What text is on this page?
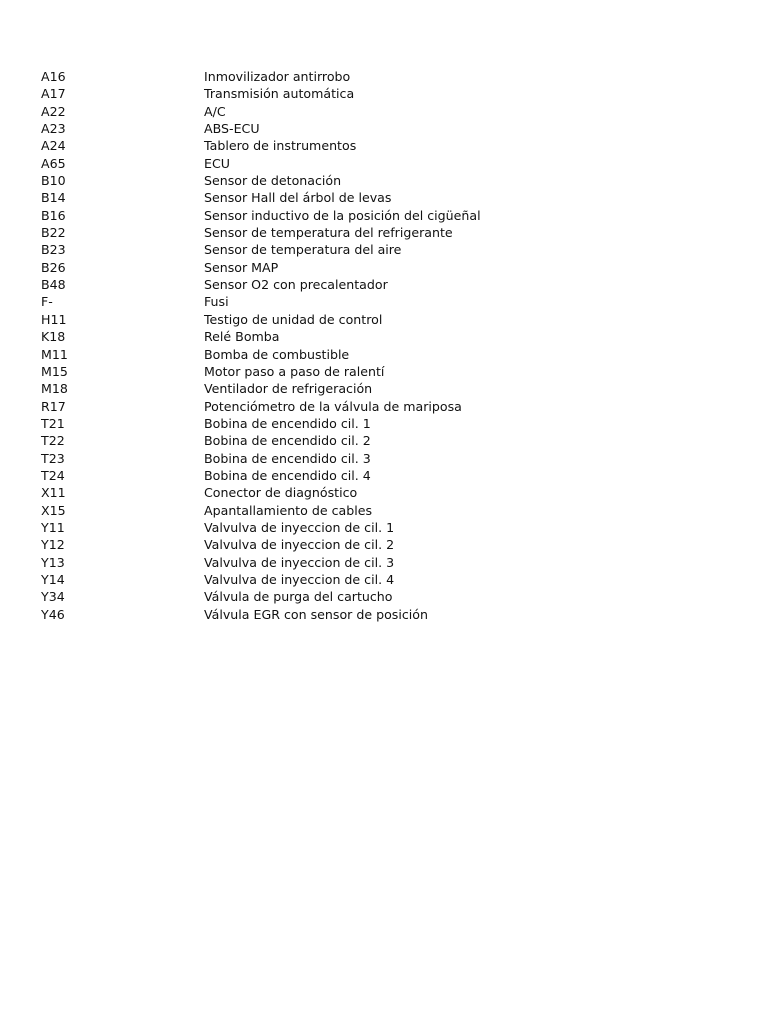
A16	Inmovilizador antirrobo
A17	Transmisión automática
A22	A/C
A23	ABS-ECU
A24	Tablero de instrumentos
A65	ECU
B10	Sensor de detonación
B14	Sensor Hall del árbol de levas
B16	Sensor inductivo de la posición del cigüeñal
B22	Sensor de temperatura del refrigerante
B23	Sensor de temperatura del aire
B26	Sensor MAP
B48	Sensor O2 con precalentador
F-	Fusi
H11	Testigo de unidad de control
K18	Relé Bomba
M11	Bomba de combustible
M15	Motor paso a paso de ralentí
M18	Ventilador de refrigeración
R17	Potenciómetro de la válvula de mariposa
T21	Bobina de encendido cil. 1
T22	Bobina de encendido cil. 2
T23	Bobina de encendido cil. 3
T24	Bobina de encendido cil. 4
X11	Conector de diagnóstico
X15	Apantallamiento de cables
Y11	Valvulva de inyeccion de cil. 1
Y12	Valvulva de inyeccion de cil. 2
Y13	Valvulva de inyeccion de cil. 3
Y14	Valvulva de inyeccion de cil. 4
Y34	Válvula de purga del cartucho
Y46	Válvula EGR con sensor de posición
